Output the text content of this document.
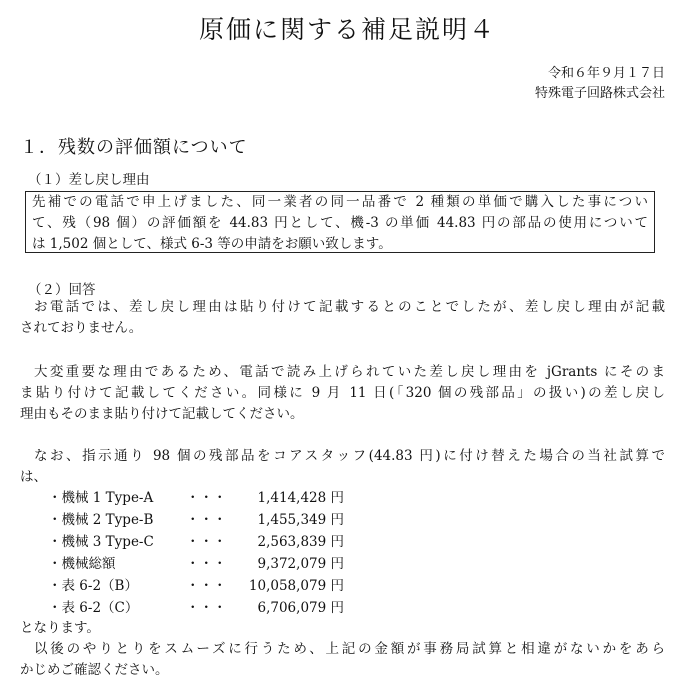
原価に関する補足説明４
令和６年９月１７日
特殊電子回路株式会社
１．残数の評価額について
（１）差し戻し理由
先補での電話で申上げました、同一業者の同一品番で 2 種類の単価で購入した事につい
て、残（98 個）の評価額を 44.83 円として、機-3 の単価 44.83 円の部品の使用について
は 1,502 個として、様式 6-3 等の申請をお願い致します。
（２）回答
お電話では、差し戻し理由は貼り付けて記載するとのことでしたが、差し戻し理由が記載
されておりません。
大変重要な理由であるため、電話で読み上げられていた差し戻し理由を jGrants にそのま
ま貼り付けて記載してください。同様に 9 月 11 日(「320 個の残部品」の扱い)の差し戻し
理由もそのまま貼り付けて記載してください。
なお、指示通り 98 個の残部品をコアスタッフ(44.83 円)に付け替えた場合の当社試算で
は、
・機械 1 Type-A	・・・	1,414,428 円
・機械 2 Type-B	・・・	1,455,349 円
・機械 3 Type-C	・・・	2,563,839 円
・機械総額	・・・	9,372,079 円
・表 6-2（B）	・・・	10,058,079 円
・表 6-2（C）	・・・	6,706,079 円
となります。
以後のやりとりをスムーズに行うため、上記の金額が事務局試算と相違がないかをあら
かじめご確認ください。
